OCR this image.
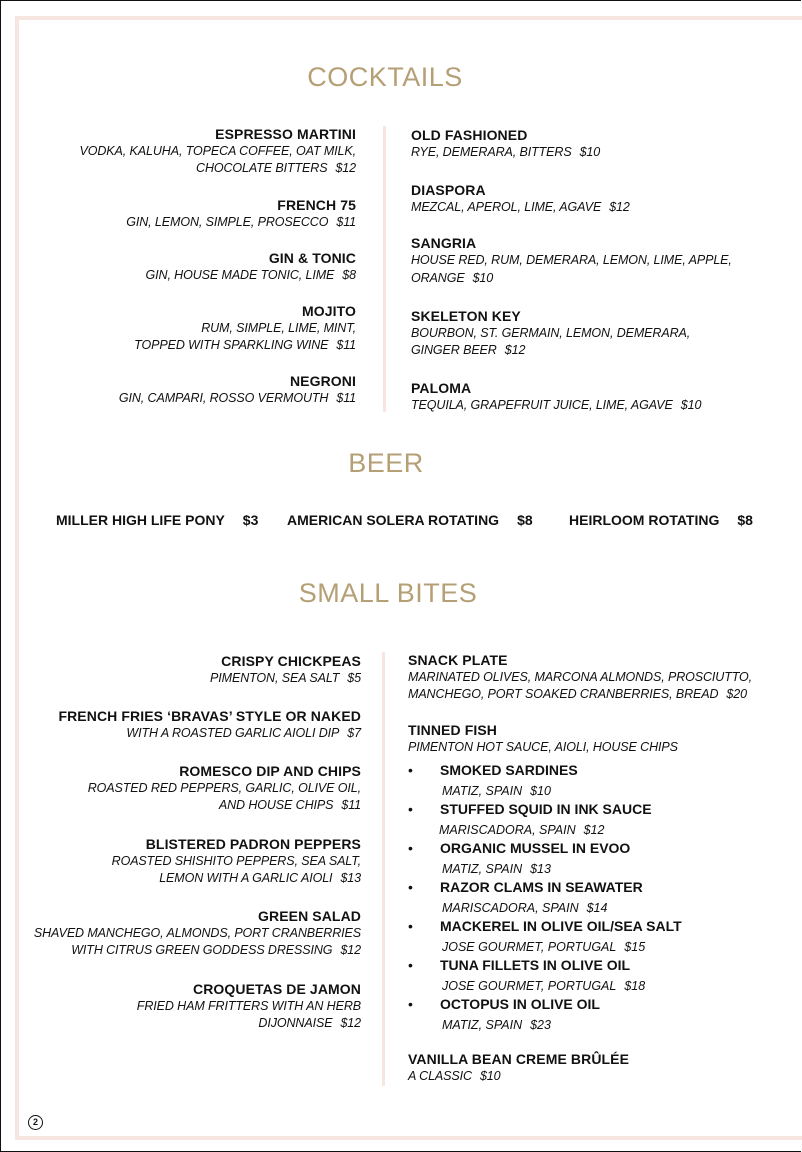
COCKTAILS
ESPRESSO MARTINI
VODKA, KALUHA, TOPECA COFFEE, OAT MILK,
CHOCOLATE BITTERS $12
FRENCH 75
GIN, LEMON, SIMPLE, PROSECCO $11
GIN & TONIC
GIN, HOUSE MADE TONIC, LIME $8
MOJITO
RUM, SIMPLE, LIME, MINT,
TOPPED WITH SPARKLING WINE $11
NEGRONI
GIN, CAMPARI, ROSSO VERMOUTH $11
OLD FASHIONED
RYE, DEMERARA, BITTERS $10
DIASPORA
MEZCAL, APEROL, LIME, AGAVE $12
SANGRIA
HOUSE RED, RUM, DEMERARA, LEMON, LIME, APPLE,
ORANGE $10
SKELETON KEY
BOURBON, ST. GERMAIN, LEMON, DEMERARA,
GINGER BEER $12
PALOMA
TEQUILA, GRAPEFRUIT JUICE, LIME, AGAVE $10
BEER
MILLER HIGH LIFE PONY $3 AMERICAN SOLERA ROTATING $8	HEIRLOOM ROTATING $8
SMALL BITES
CRISPY CHICKPEAS
PIMENTON, SEA SALT $5
FRENCH FRIES ‘BRAVAS’ STYLE OR NAKED
WITH A ROASTED GARLIC AIOLI DIP $7
ROMESCO DIP AND CHIPS
ROASTED RED PEPPERS, GARLIC, OLIVE OIL,
AND HOUSE CHIPS $11
BLISTERED PADRON PEPPERS
ROASTED SHISHITO PEPPERS, SEA SALT,
LEMON WITH A GARLIC AIOLI $13
GREEN SALAD
SHAVED MANCHEGO, ALMONDS, PORT CRANBERRIES
WITH CITRUS GREEN GODDESS DRESSING $12
CROQUETAS DE JAMON
FRIED HAM FRITTERS WITH AN HERB DIJONNAISE $12
SNACK PLATE
MARINATED OLIVES, MARCONA ALMONDS, PROSCIUTTO,
MANCHEGO, PORT SOAKED CRANBERRIES, BREAD $20
TINNED FISH
PIMENTON HOT SAUCE, AIOLI, HOUSE CHIPS
• SMOKED SARDINES
MATIZ, SPAIN $10
• STUFFED SQUID IN INK SAUCE
MARISCADORA, SPAIN $12
• ORGANIC MUSSEL IN EVOO
MATIZ, SPAIN $13
• RAZOR CLAMS IN SEAWATER
MARISCADORA, SPAIN $14
• MACKEREL IN OLIVE OIL/SEA SALT
JOSE GOURMET, PORTUGAL $15
• TUNA FILLETS IN OLIVE OIL
JOSE GOURMET, PORTUGAL $18
• OCTOPUS IN OLIVE OIL
MATIZ, SPAIN $23
VANILLA BEAN CREME BRÛLÉE
A CLASSIC $10
2
